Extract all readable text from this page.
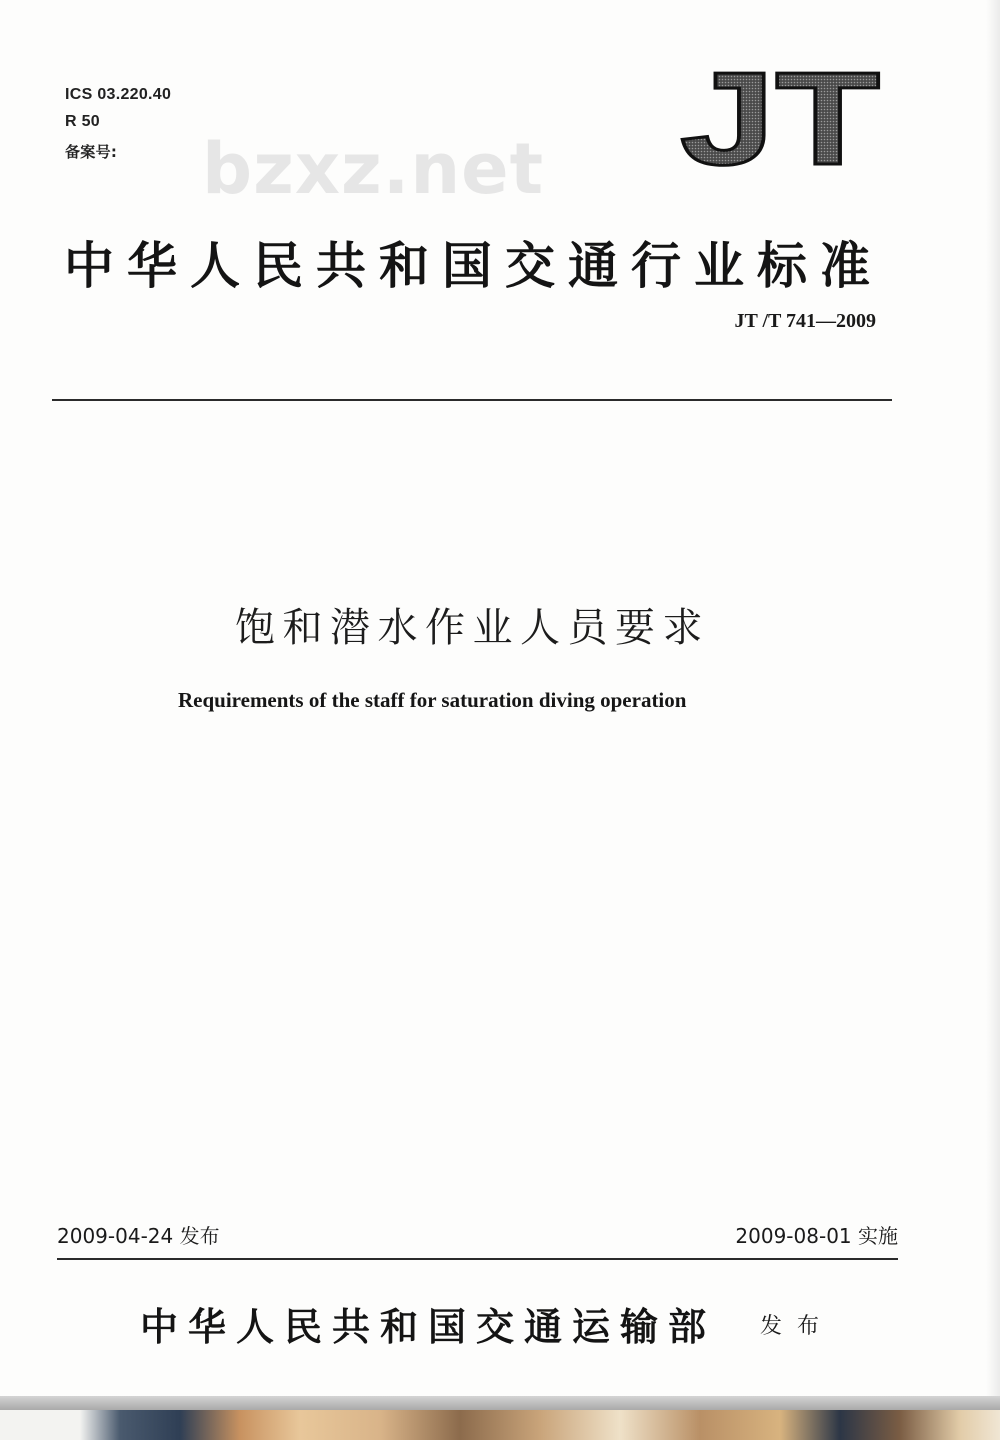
ICS 03.220.40
R 50
备案号: bzxz.net JT
中华人民共和国交通行业标准
JT /T 741—2009
饱和潜水作业人员要求
Requirements of the staff for saturation diving operation
2009-04-24 发布	2009-08-01 实施
中华人民共和国交通运输部 发 布
